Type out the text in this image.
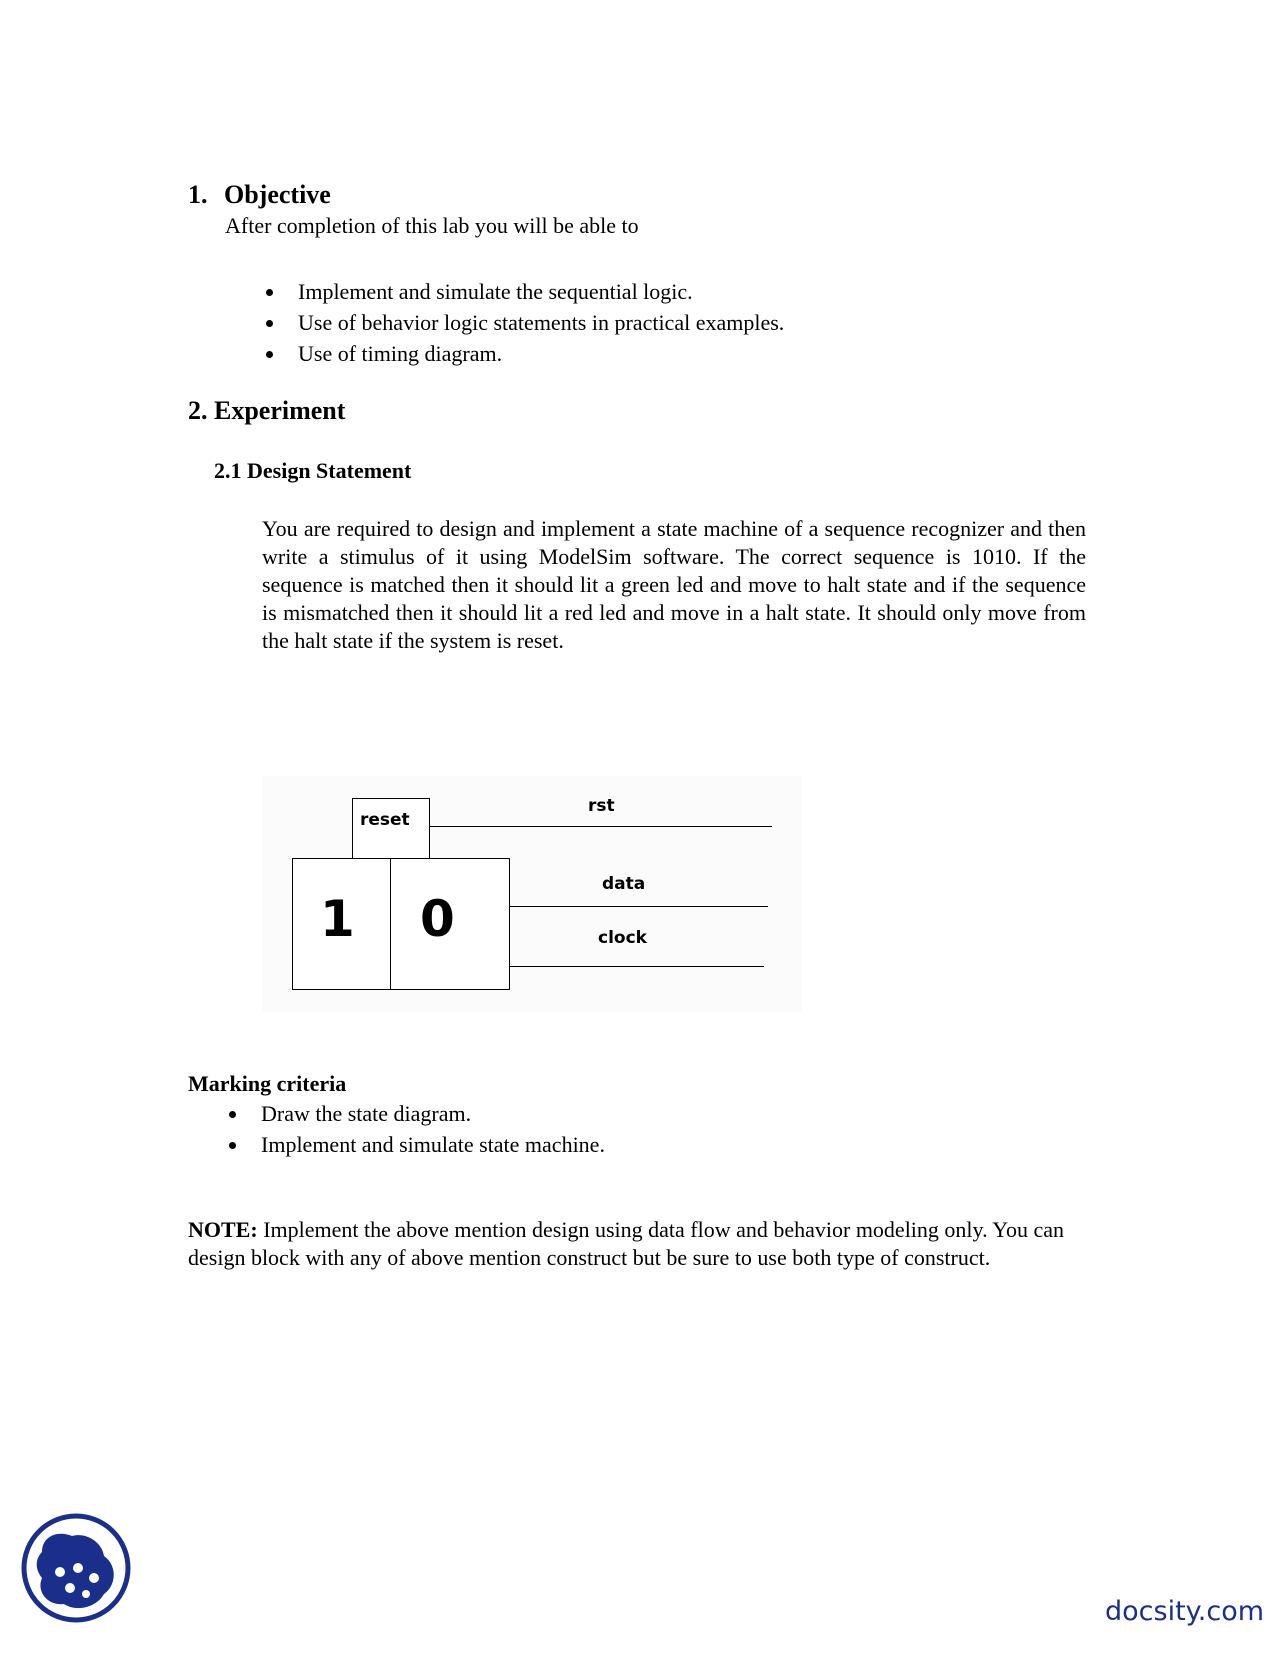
1. Objective
After completion of this lab you will be able to
Implement and simulate the sequential logic.
Use of behavior logic statements in practical examples.
Use of timing diagram.
2. Experiment
2.1 Design Statement
You are required to design and implement a state machine of a sequence recognizer and then write a stimulus of it using ModelSim software. The correct sequence is 1010. If the sequence is matched then it should lit a green led and move to halt state and if the sequence is mismatched then it should lit a red led and move in a halt state. It should only move from the halt state if the system is reset.
reset
rst
1 0
data
clock
Marking criteria
Draw the state diagram.
Implement and simulate state machine.
NOTE: Implement the above mention design using data flow and behavior modeling only. You can design block with any of above mention construct but be sure to use both type of construct.
docsity.com
